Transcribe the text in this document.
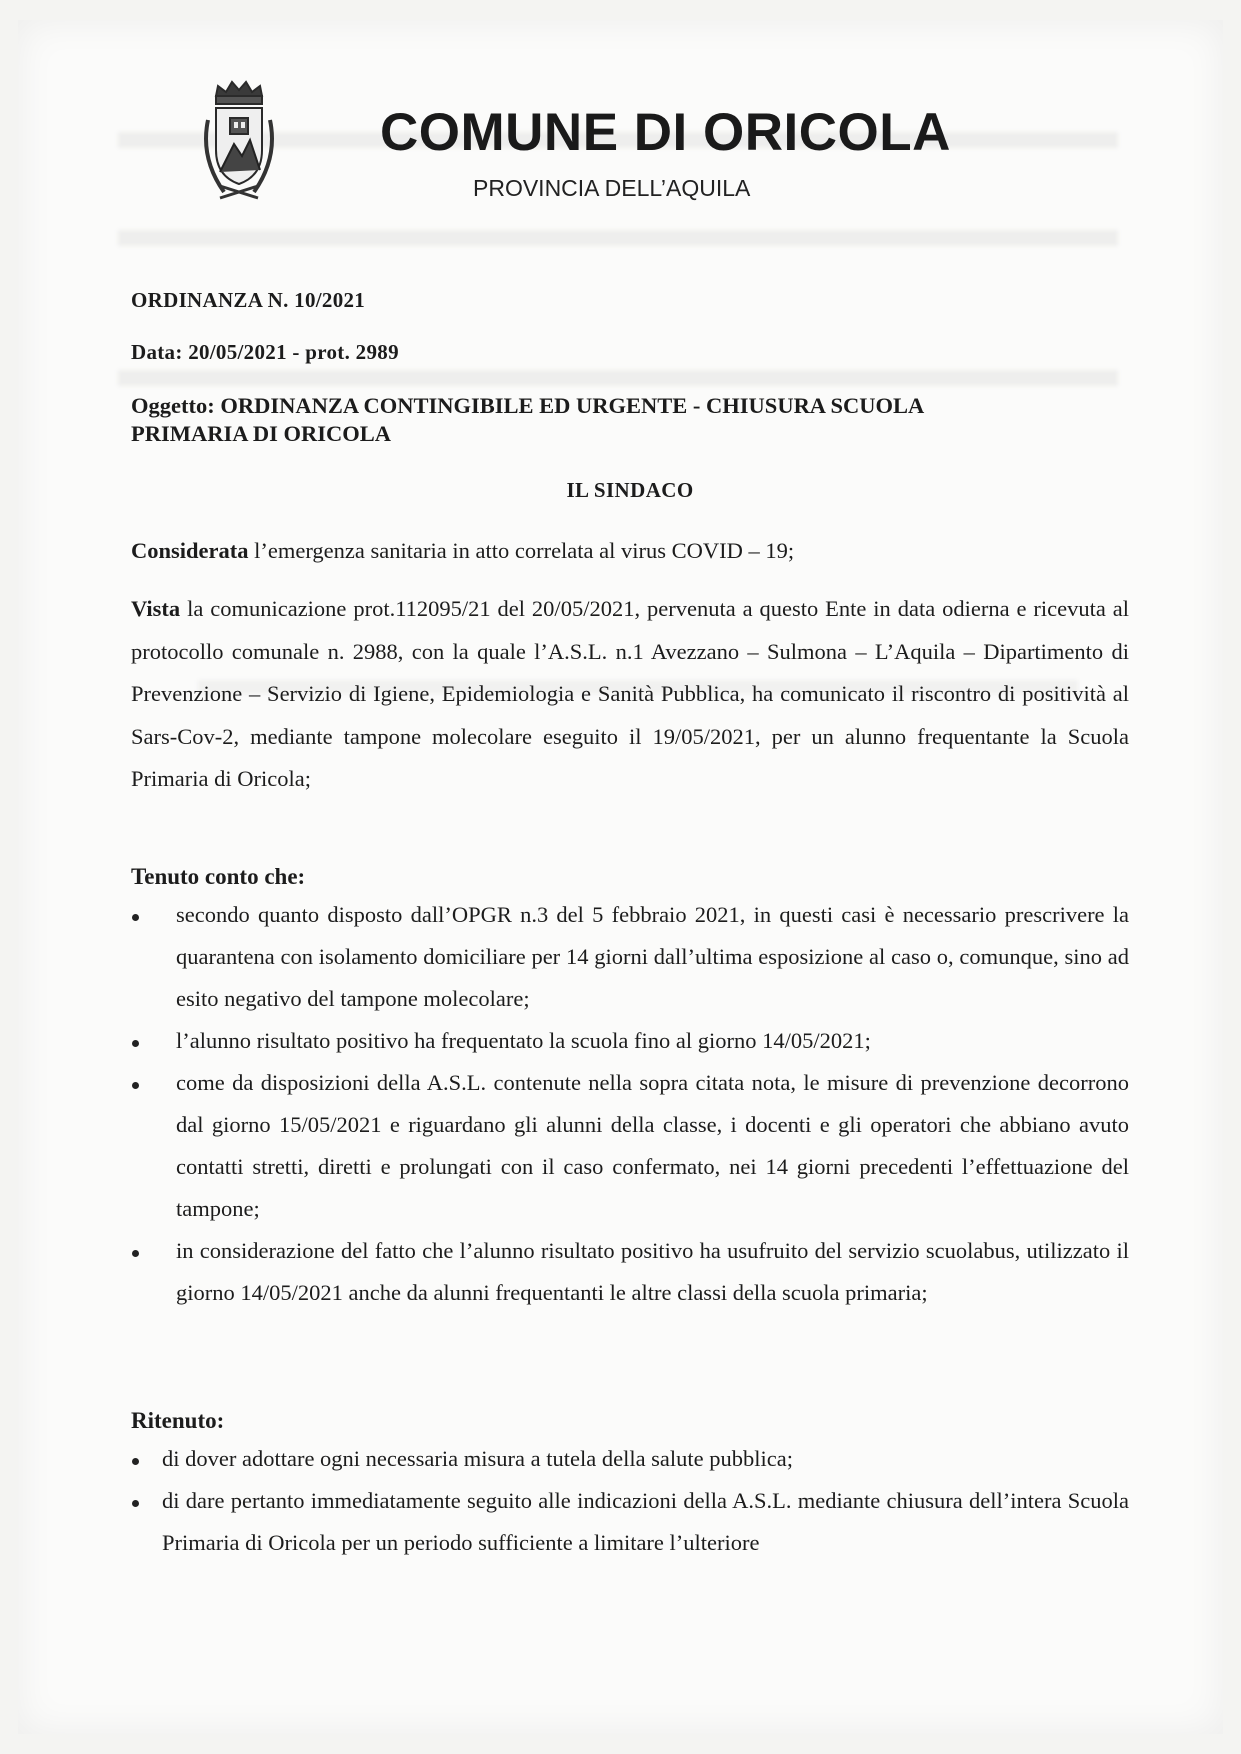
COMUNE DI ORICOLA
PROVINCIA DELL’AQUILA

ORDINANZA N. 10/2021

Data: 20/05/2021 - prot. 2989

Oggetto: ORDINANZA CONTINGIBILE ED URGENTE - CHIUSURA SCUOLA
PRIMARIA DI ORICOLA
IL SINDACO

Considerata l’emergenza sanitaria in atto correlata al virus COVID – 19;

Vista la comunicazione prot.112095/21 del 20/05/2021, pervenuta a questo Ente in data odierna e ricevuta al protocollo comunale n. 2988, con la quale l’A.S.L. n.1 Avezzano – Sulmona – L’Aquila – Dipartimento di Prevenzione – Servizio di Igiene, Epidemiologia e Sanità Pubblica, ha comunicato il riscontro di positività al Sars-Cov-2, mediante tampone molecolare eseguito il 19/05/2021, per un alunno frequentante la Scuola Primaria di Oricola;

Tenuto conto che:
secondo quanto disposto dall’OPGR n.3 del 5 febbraio 2021, in questi casi è necessario prescrivere la quarantena con isolamento domiciliare per 14 giorni dall’ultima esposizione al caso o, comunque, sino ad esito negativo del tampone molecolare;
l’alunno risultato positivo ha frequentato la scuola fino al giorno 14/05/2021;
come da disposizioni della A.S.L. contenute nella sopra citata nota, le misure di prevenzione decorrono dal giorno 15/05/2021 e riguardano gli alunni della classe, i docenti e gli operatori che abbiano avuto contatti stretti, diretti e prolungati con il caso confermato, nei 14 giorni precedenti l’effettuazione del tampone;
in considerazione del fatto che l’alunno risultato positivo ha usufruito del servizio scuolabus, utilizzato il giorno 14/05/2021 anche da alunni frequentanti le altre classi della scuola primaria;
Ritenuto:
di dover adottare ogni necessaria misura a tutela della salute pubblica;
di dare pertanto immediatamente seguito alle indicazioni della A.S.L. mediante chiusura dell’intera Scuola Primaria di Oricola per un periodo sufficiente a limitare l’ulteriore
